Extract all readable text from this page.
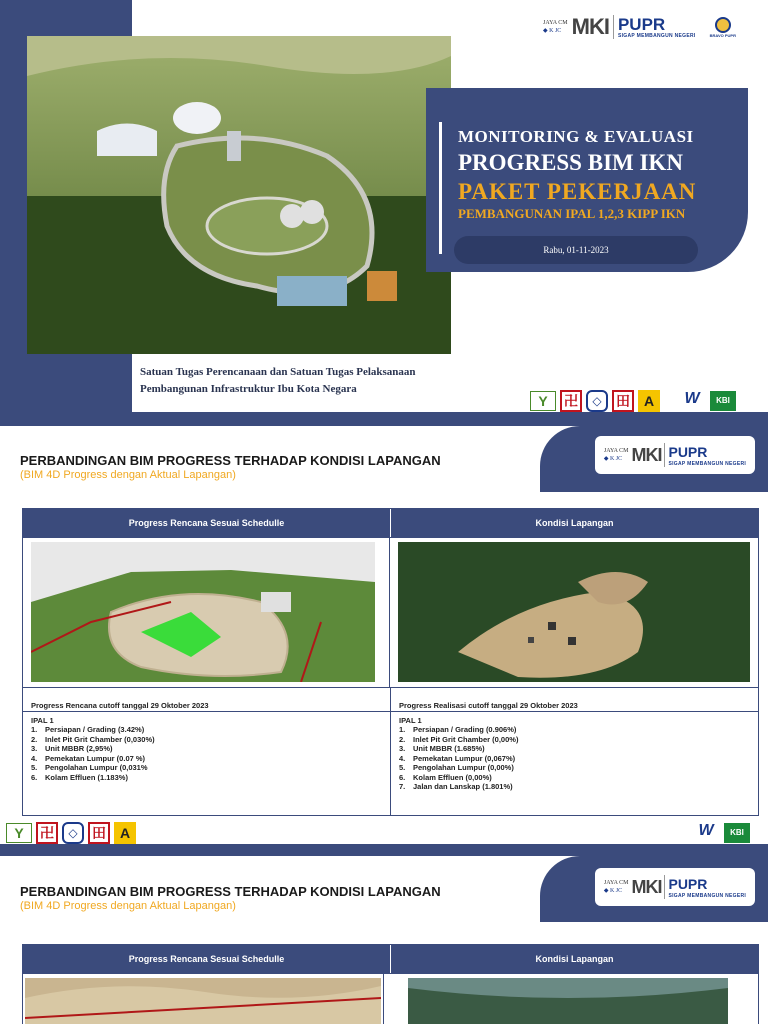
Satuan Tugas Perencanaan dan Satuan Tugas Pelaksanaan
Pembangunan Infrastruktur Ibu Kota Negara
JAYA CM
◆ K JC MKI PUPR
SIGAP MEMBANGUN NEGERI	BRAVO PUPR
MONITORING & EVALUASI
PROGRESS BIM IKN
PAKET PEKERJAAN
PEMBANGUNAN IPAL 1,2,3 KIPP IKN
Rabu, 01-11-2023
Y	卍	◇	田 A	W	KBI
PERBANDINGAN BIM PROGRESS TERHADAP KONDISI LAPANGAN
(BIM 4D Progress dengan Aktual Lapangan)
JAYA CM
◆ K JC MKI PUPR
SIGAP MEMBANGUN NEGERI
Progress Rencana Sesuai Schedulle	Kondisi Lapangan
Progress Rencana cutoff tanggal 29 Oktober 2023	Progress Realisasi cutoff tanggal 29 Oktober 2023
IPAL 1
1. Persiapan / Grading (3.42%)
2. Inlet Pit Grit Chamber (0,030%)
3. Unit MBBR (2,95%)
4. Pemekatan Lumpur (0.07 %)
5. Pengolahan Lumpur (0,031%
6. Kolam Effluen (1.183%)
IPAL 1
1. Persiapan / Grading (0.906%)
2. Inlet Pit Grit Chamber (0,00%)
3. Unit MBBR (1.685%)
4. Pemekatan Lumpur (0,067%)
5. Pengolahan Lumpur (0,00%)
6. Kolam Effluen (0,00%)
7. Jalan dan Lanskap (1.801%)
Y	卍	◇	田 A	W	KBI
PERBANDINGAN BIM PROGRESS TERHADAP KONDISI LAPANGAN
(BIM 4D Progress dengan Aktual Lapangan)
JAYA CM
◆ K JC MKI PUPR
SIGAP MEMBANGUN NEGERI
Progress Rencana Sesuai Schedulle	Kondisi Lapangan
